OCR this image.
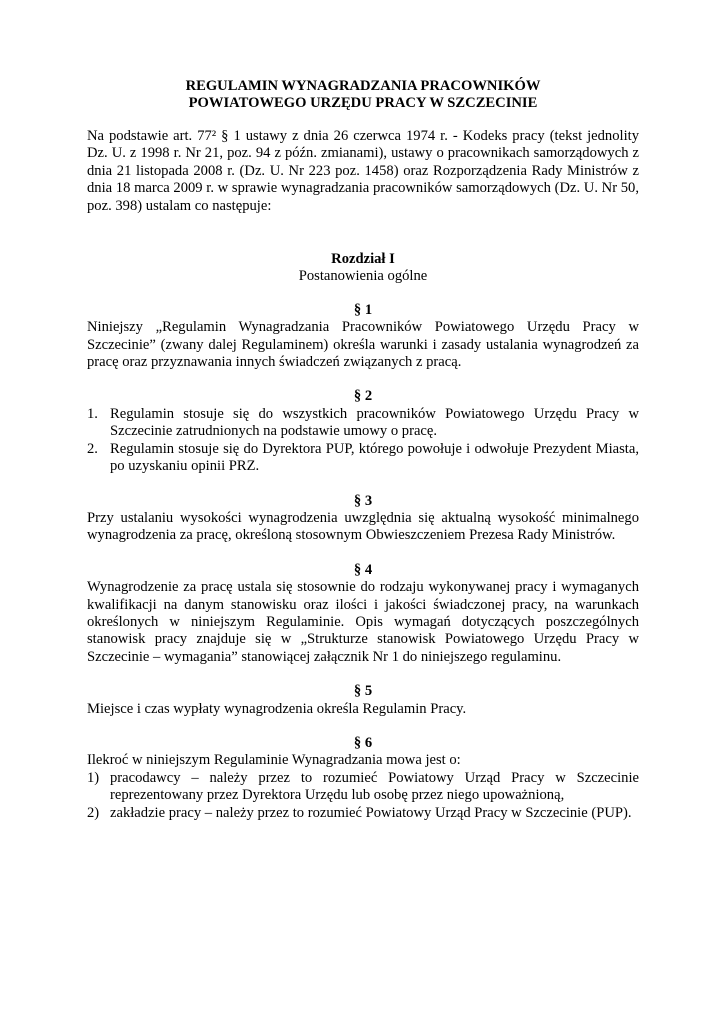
REGULAMIN WYNAGRADZANIA PRACOWNIKÓW
POWIATOWEGO URZĘDU PRACY W SZCZECINIE

Na podstawie art. 77² § 1 ustawy z dnia 26 czerwca 1974 r. - Kodeks pracy (tekst jednolity Dz. U. z 1998 r. Nr 21, poz. 94 z późn. zmianami), ustawy o pracownikach samorządowych z dnia 21 listopada 2008 r. (Dz. U. Nr 223 poz. 1458) oraz Rozporządzenia Rady Ministrów z dnia 18 marca 2009 r. w sprawie wynagradzania pracowników samorządowych (Dz. U. Nr 50, poz. 398) ustalam co następuje:

Rozdział I
Postanowienia ogólne
§ 1

Niniejszy „Regulamin Wynagradzania Pracowników Powiatowego Urzędu Pracy w Szczecinie” (zwany dalej Regulaminem) określa warunki i zasady ustalania wynagrodzeń za pracę oraz przyznawania innych świadczeń związanych z pracą.

§ 2
1. Regulamin stosuje się do wszystkich pracowników Powiatowego Urzędu Pracy w Szczecinie zatrudnionych na podstawie umowy o pracę.
2. Regulamin stosuje się do Dyrektora PUP, którego powołuje i odwołuje Prezydent Miasta, po uzyskaniu opinii PRZ.
§ 3

Przy ustalaniu wysokości wynagrodzenia uwzględnia się aktualną wysokość minimalnego wynagrodzenia za pracę, określoną stosownym Obwieszczeniem Prezesa Rady Ministrów.

§ 4

Wynagrodzenie za pracę ustala się stosownie do rodzaju wykonywanej pracy i wymaganych kwalifikacji na danym stanowisku oraz ilości i jakości świadczonej pracy, na warunkach określonych w niniejszym Regulaminie. Opis wymagań dotyczących poszczególnych stanowisk pracy znajduje się w „Strukturze stanowisk Powiatowego Urzędu Pracy w Szczecinie – wymagania” stanowiącej załącznik Nr 1 do niniejszego regulaminu.

§ 5

Miejsce i czas wypłaty wynagrodzenia określa Regulamin Pracy.

§ 6

Ilekroć w niniejszym Regulaminie Wynagradzania mowa jest o:

1) pracodawcy – należy przez to rozumieć Powiatowy Urząd Pracy w Szczecinie reprezentowany przez Dyrektora Urzędu lub osobę przez niego upoważnioną,
2) zakładzie pracy – należy przez to rozumieć Powiatowy Urząd Pracy w Szczecinie (PUP).
